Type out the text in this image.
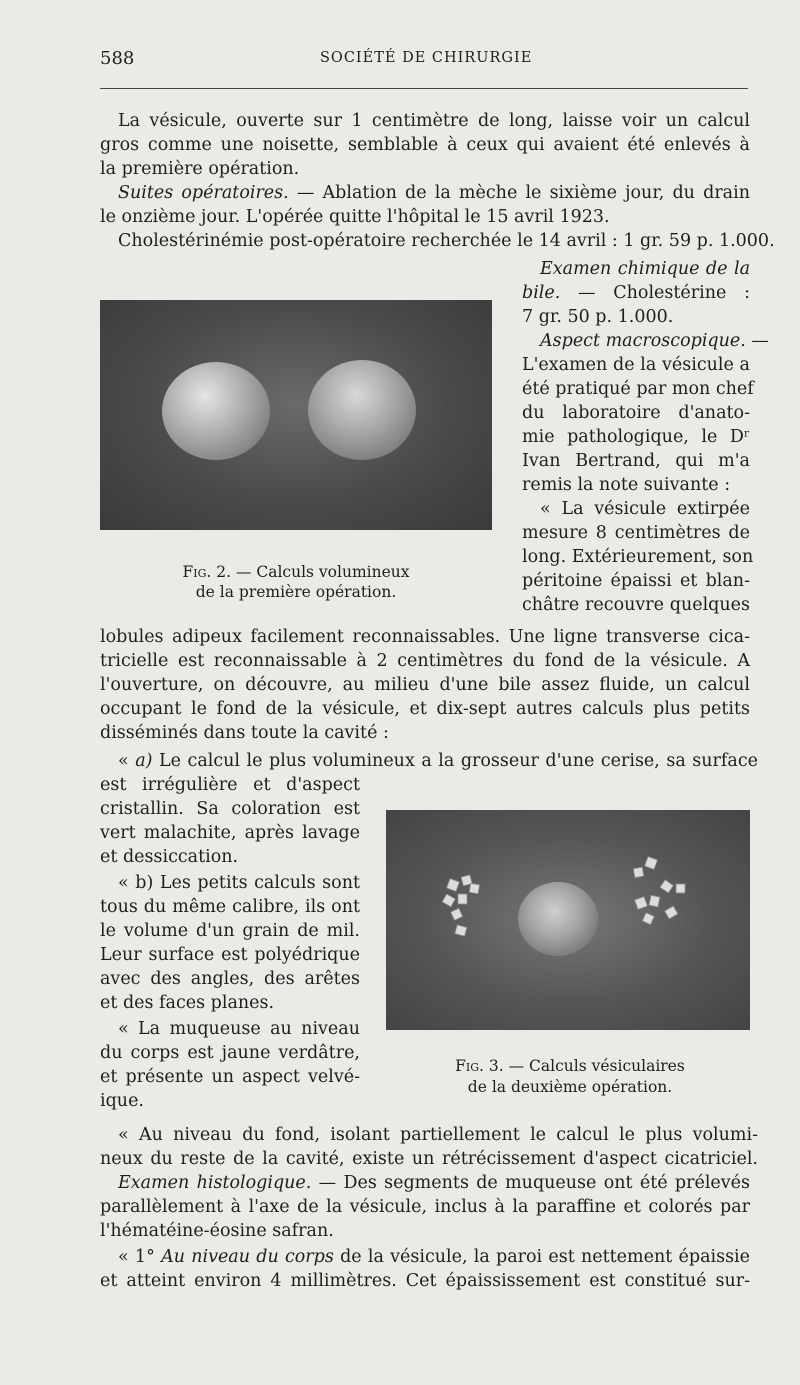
588	SOCIÉTÉ DE CHIRURGIE
La vésicule, ouverte sur 1 centimètre de long, laisse voir un calcul
gros comme une noisette, semblable à ceux qui avaient été enlevés à
la première opération.
Suites opératoires. — Ablation de la mèche le sixième jour, du drain
le onzième jour. L'opérée quitte l'hôpital le 15 avril 1923.
Cholestérinémie post-opératoire recherchée le 14 avril : 1 gr. 59 p. 1.000.
Examen chimique de la
bile. — Cholestérine :
7 gr. 50 p. 1.000.
Aspect macroscopique. —
L'examen de la vésicule a
été pratiqué par mon chef
du laboratoire d'anato-
mie pathologique, le Dʳ
Ivan Bertrand, qui m'a
remis la note suivante :
« La vésicule extirpée
mesure 8 centimètres de
long. Extérieurement, son
péritoine épaissi et blan-
châtre recouvre quelques
Fig. 2. — Calculs volumineux
de la première opération.
lobules adipeux facilement reconnaissables. Une ligne transverse cica-
tricielle est reconnaissable à 2 centimètres du fond de la vésicule. A
l'ouverture, on découvre, au milieu d'une bile assez fluide, un calcul
occupant le fond de la vésicule, et dix-sept autres calculs plus petits
disséminés dans toute la cavité :
« a) Le calcul le plus volumineux a la grosseur d'une cerise, sa surface
est irrégulière et d'aspect
cristallin. Sa coloration est
vert malachite, après lavage
et dessiccation.
« b) Les petits calculs sont
tous du même calibre, ils ont
le volume d'un grain de mil.
Leur surface est polyédrique
avec des angles, des arêtes
et des faces planes.
« La muqueuse au niveau
du corps est jaune verdâtre,
et présente un aspect velvé-
ique.
Fig. 3. — Calculs vésiculaires
de la deuxième opération.
« Au niveau du fond, isolant partiellement le calcul le plus volumi-
neux du reste de la cavité, existe un rétrécissement d'aspect cicatriciel.
Examen histologique. — Des segments de muqueuse ont été prélevés
parallèlement à l'axe de la vésicule, inclus à la paraffine et colorés par
l'hématéine-éosine safran.
« 1° Au niveau du corps de la vésicule, la paroi est nettement épaissie
et atteint environ 4 millimètres. Cet épaississement est constitué sur-
